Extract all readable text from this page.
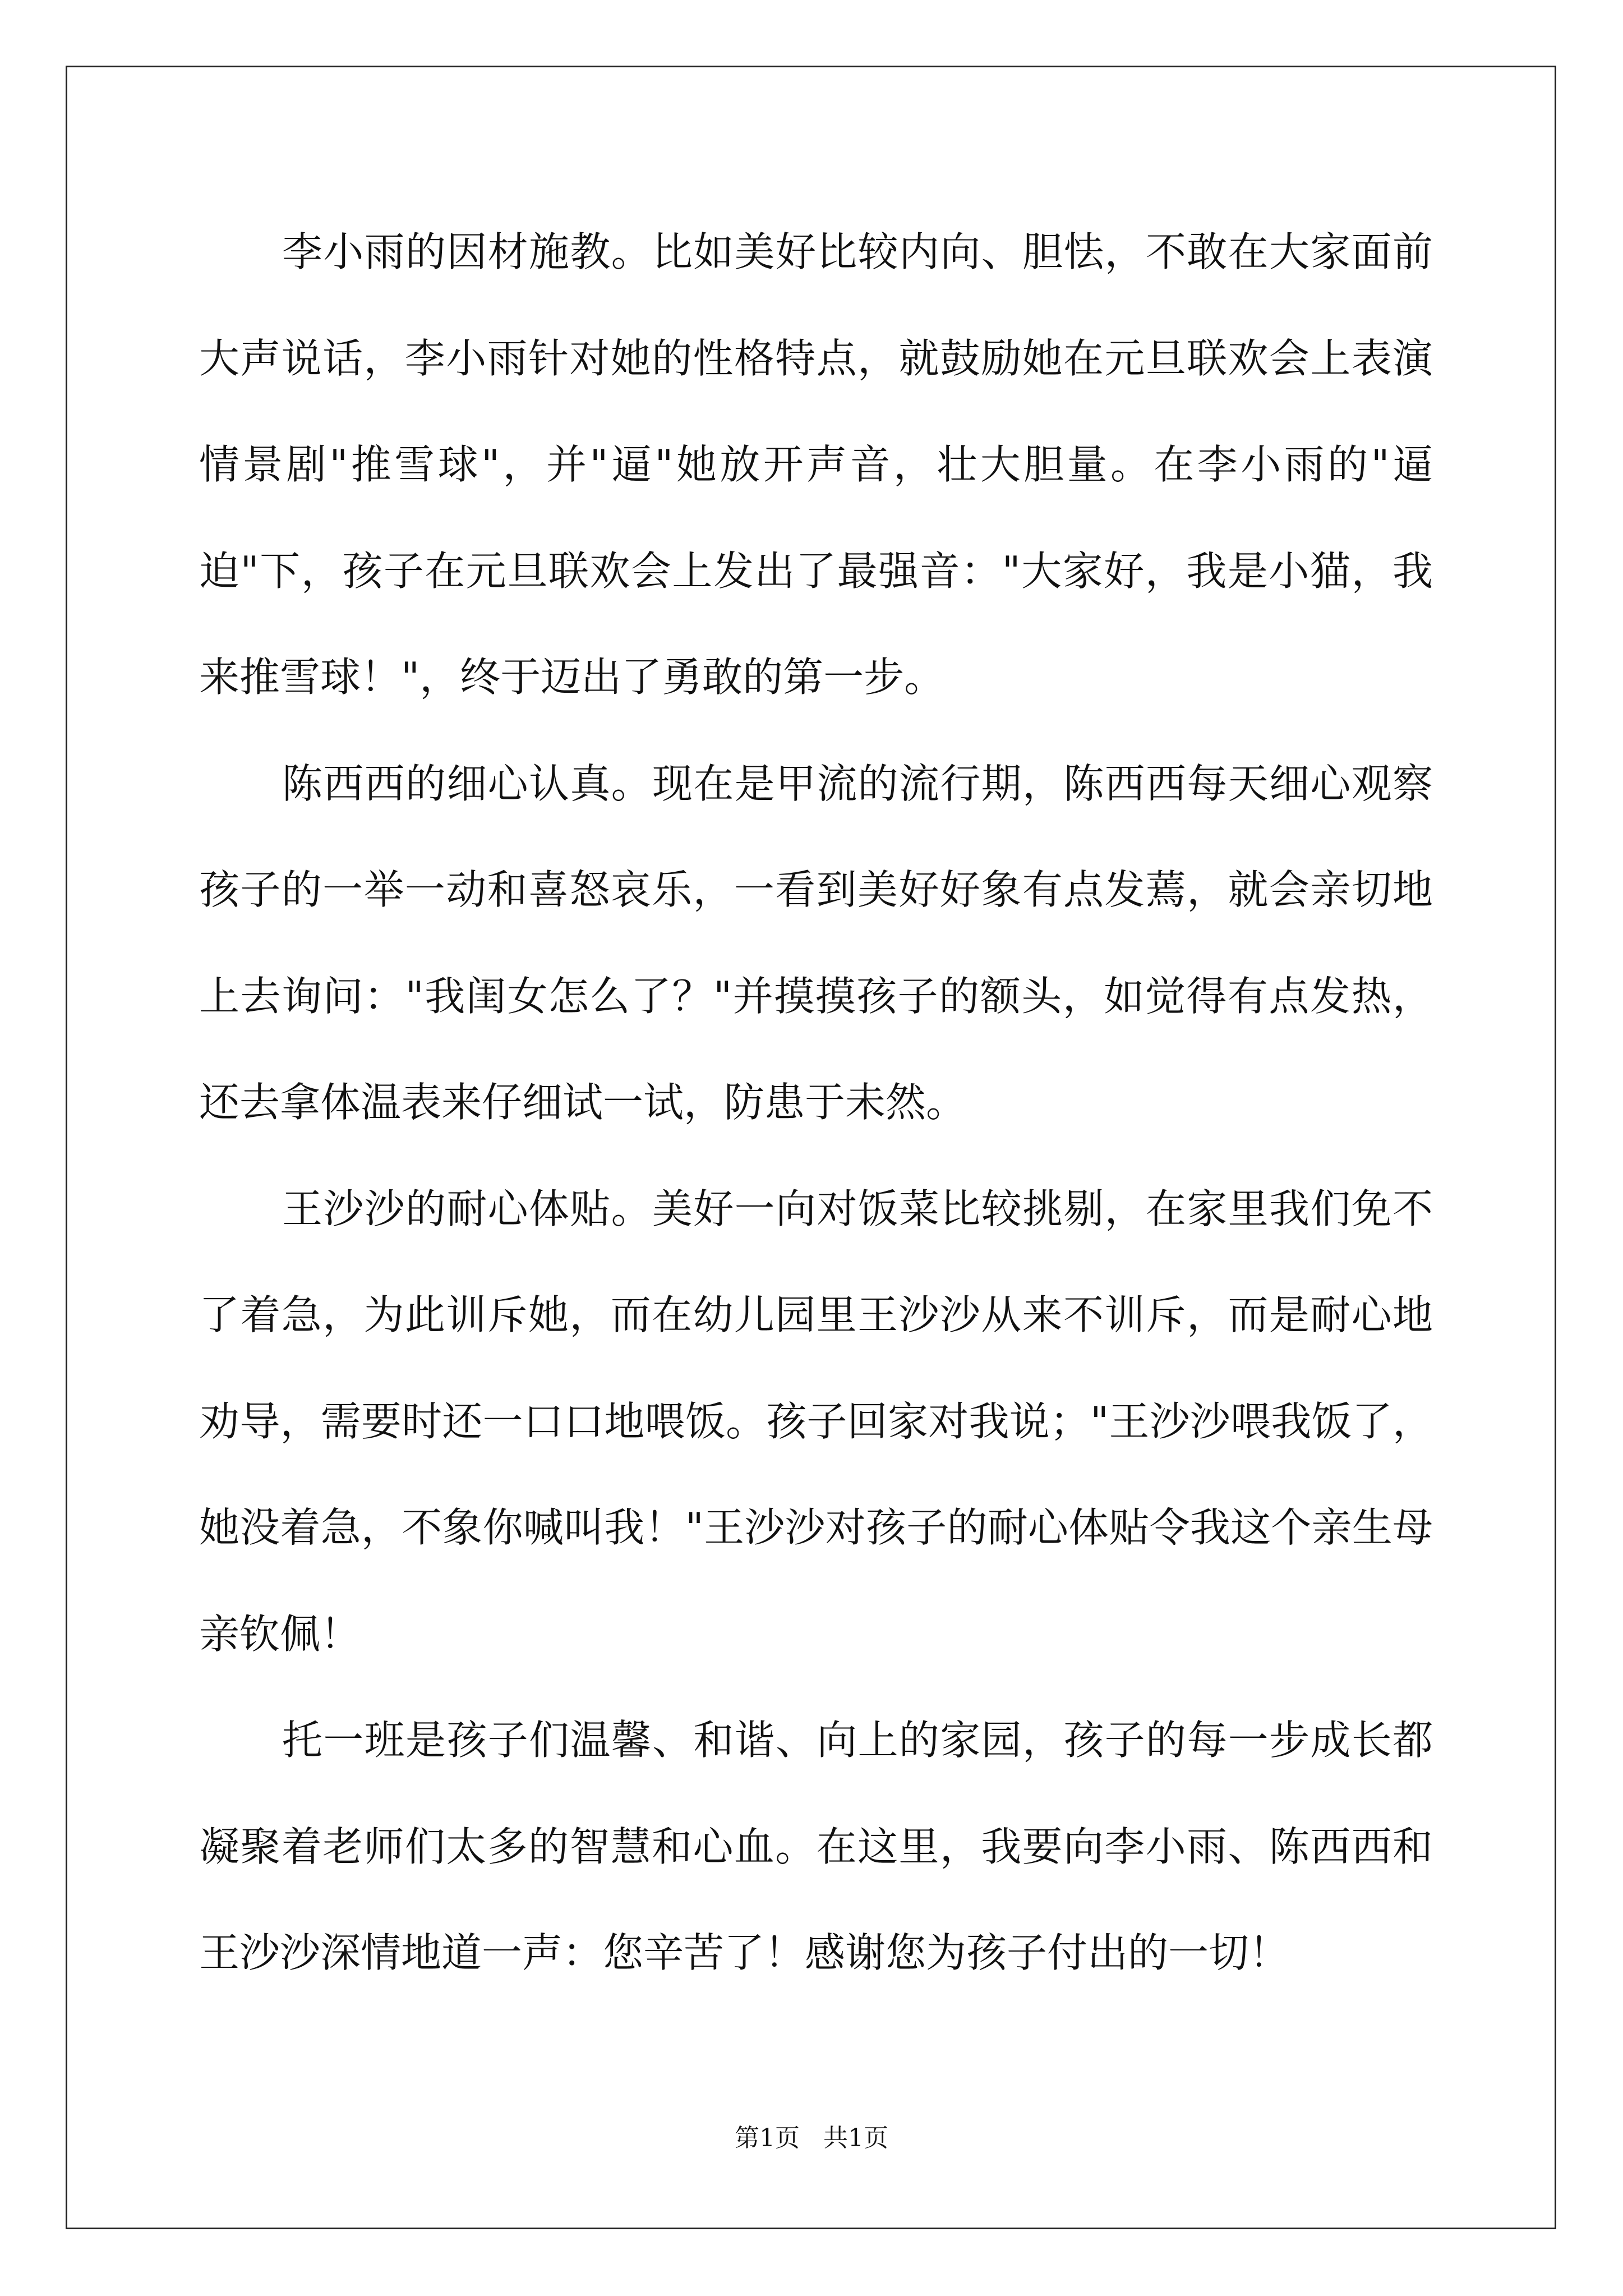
李小雨的因材施教。比如美好比较内向、胆怯，不敢在大家面前大声说话，李小雨针对她的性格特点，就鼓励她在元旦联欢会上表演情景剧"推雪球"，并"逼"她放开声音，壮大胆量。在李小雨的"逼迫"下，孩子在元旦联欢会上发出了最强音："大家好，我是小猫，我来推雪球！"，终于迈出了勇敢的第一步。

陈西西的细心认真。现在是甲流的流行期，陈西西每天细心观察孩子的一举一动和喜怒哀乐，一看到美好好象有点发蔫，就会亲切地上去询问："我闺女怎么了？"并摸摸孩子的额头，如觉得有点发热，还去拿体温表来仔细试一试，防患于未然。

王沙沙的耐心体贴。美好一向对饭菜比较挑剔，在家里我们免不了着急，为此训斥她，而在幼儿园里王沙沙从来不训斥，而是耐心地劝导，需要时还一口口地喂饭。孩子回家对我说；"王沙沙喂我饭了，她没着急，不象你喊叫我！"王沙沙对孩子的耐心体贴令我这个亲生母亲钦佩！

托一班是孩子们温馨、和谐、向上的家园，孩子的每一步成长都凝聚着老师们太多的智慧和心血。在这里，我要向李小雨、陈西西和王沙沙深情地道一声：您辛苦了！感谢您为孩子付出的一切！

第1页   共1页
